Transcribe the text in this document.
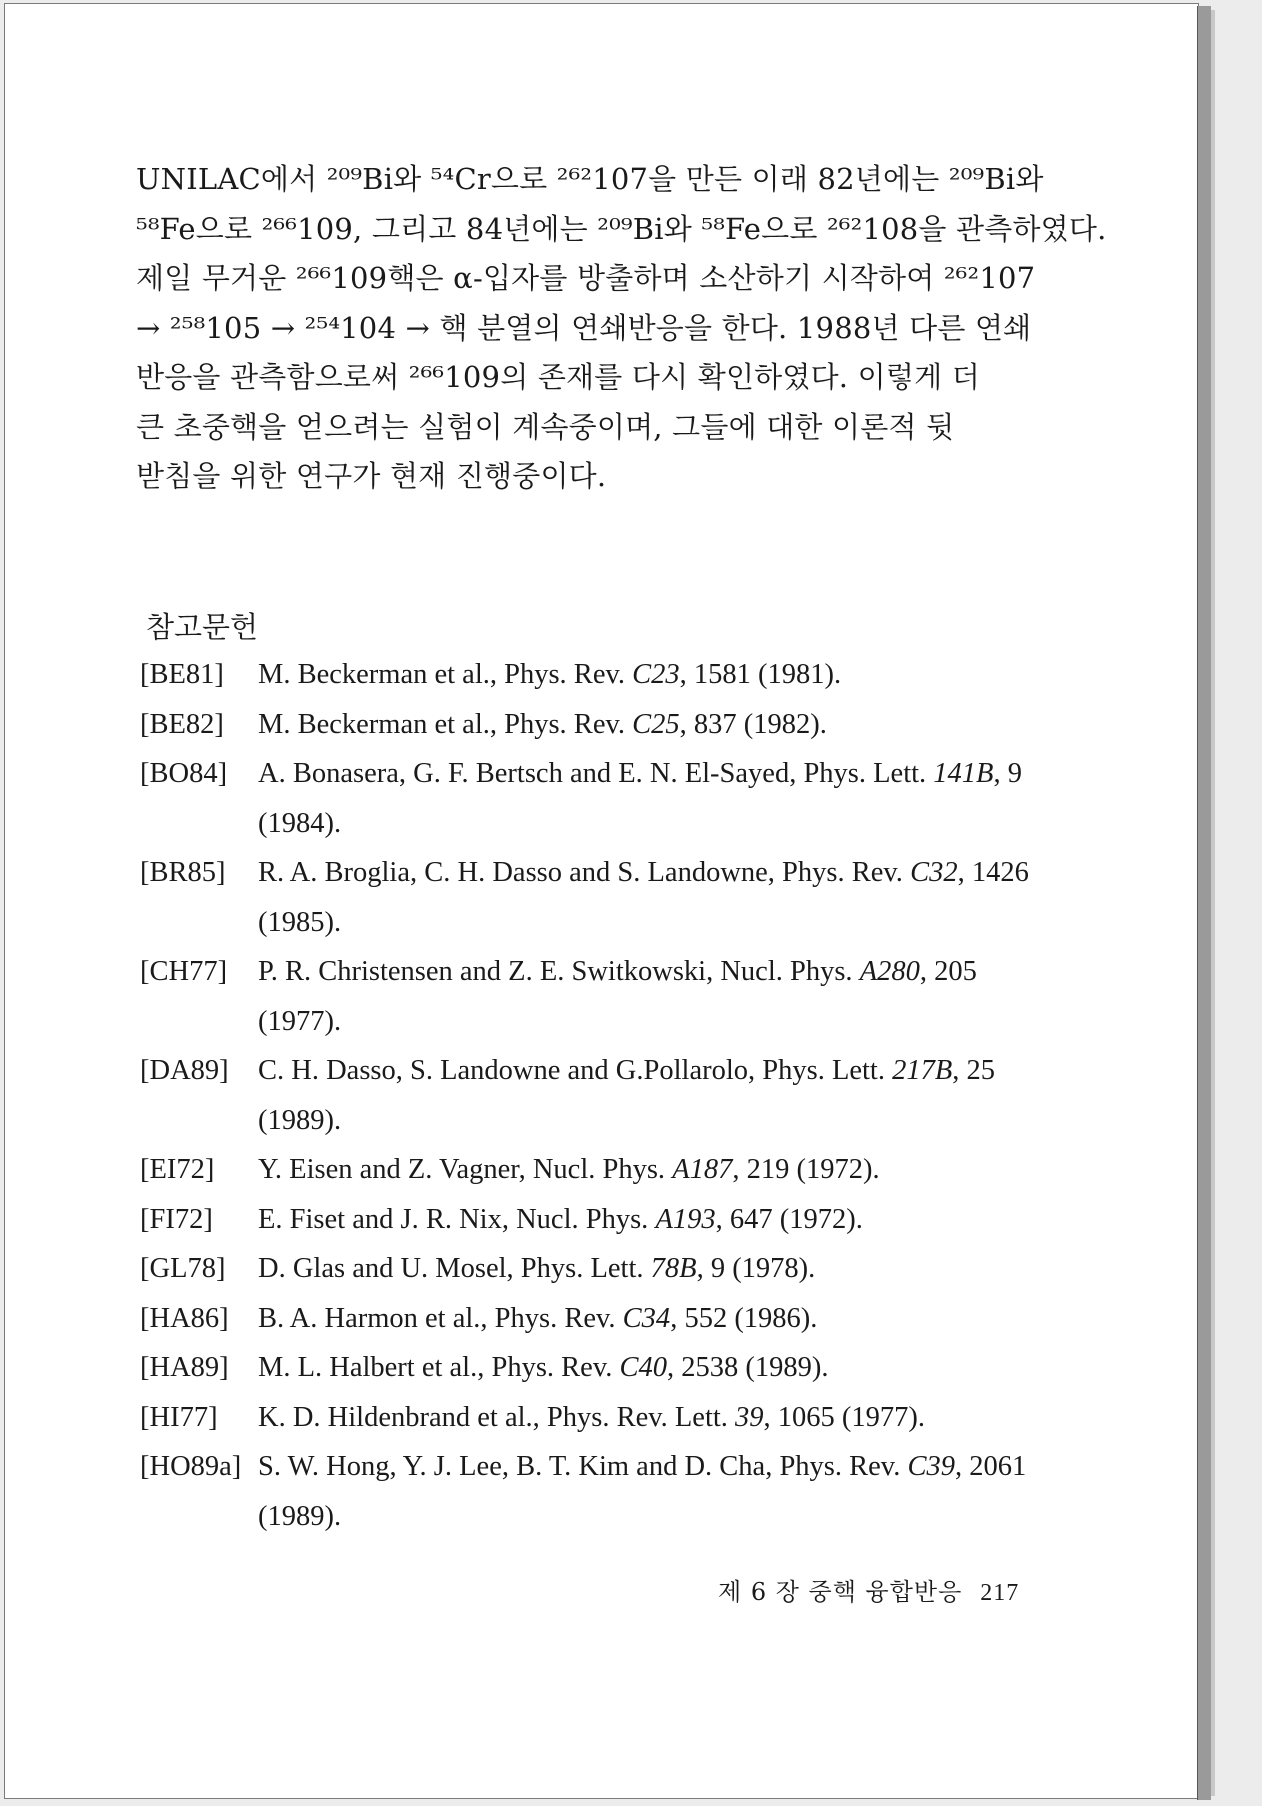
UNILAC에서 ²⁰⁹Bi와 ⁵⁴Cr으로 ²⁶²107을 만든 이래 82년에는 ²⁰⁹Bi와
⁵⁸Fe으로 ²⁶⁶109, 그리고 84년에는 ²⁰⁹Bi와 ⁵⁸Fe으로 ²⁶²108을 관측하였다.
제일 무거운 ²⁶⁶109핵은 α-입자를 방출하며 소산하기 시작하여 ²⁶²107
→ ²⁵⁸105 → ²⁵⁴104 → 핵 분열의 연쇄반응을 한다. 1988년 다른 연쇄
반응을 관측함으로써 ²⁶⁶109의 존재를 다시 확인하였다. 이렇게 더
큰 초중핵을 얻으려는 실험이 계속중이며, 그들에 대한 이론적 뒷
받침을 위한 연구가 현재 진행중이다.
참고문헌
[BE81]	M. Beckerman et al., Phys. Rev. C23, 1581 (1981).
[BE82]	M. Beckerman et al., Phys. Rev. C25, 837 (1982).
[BO84]	A. Bonasera, G. F. Bertsch and E. N. El-Sayed, Phys. Lett. 141B, 9 (1984).
[BR85]	R. A. Broglia, C. H. Dasso and S. Landowne, Phys. Rev. C32, 1426 (1985).
[CH77]	P. R. Christensen and Z. E. Switkowski, Nucl. Phys. A280, 205 (1977).
[DA89]	C. H. Dasso, S. Landowne and G.Pollarolo, Phys. Lett. 217B, 25 (1989).
[EI72]	Y. Eisen and Z. Vagner, Nucl. Phys. A187, 219 (1972).
[FI72]	E. Fiset and J. R. Nix, Nucl. Phys. A193, 647 (1972).
[GL78]	D. Glas and U. Mosel, Phys. Lett. 78B, 9 (1978).
[HA86]	B. A. Harmon et al., Phys. Rev. C34, 552 (1986).
[HA89]	M. L. Halbert et al., Phys. Rev. C40, 2538 (1989).
[HI77]	K. D. Hildenbrand et al., Phys. Rev. Lett. 39, 1065 (1977).
[HO89a] S. W. Hong, Y. J. Lee, B. T. Kim and D. Cha, Phys. Rev. C39, 2061 (1989).
제 6 장 중핵 융합반응 217
